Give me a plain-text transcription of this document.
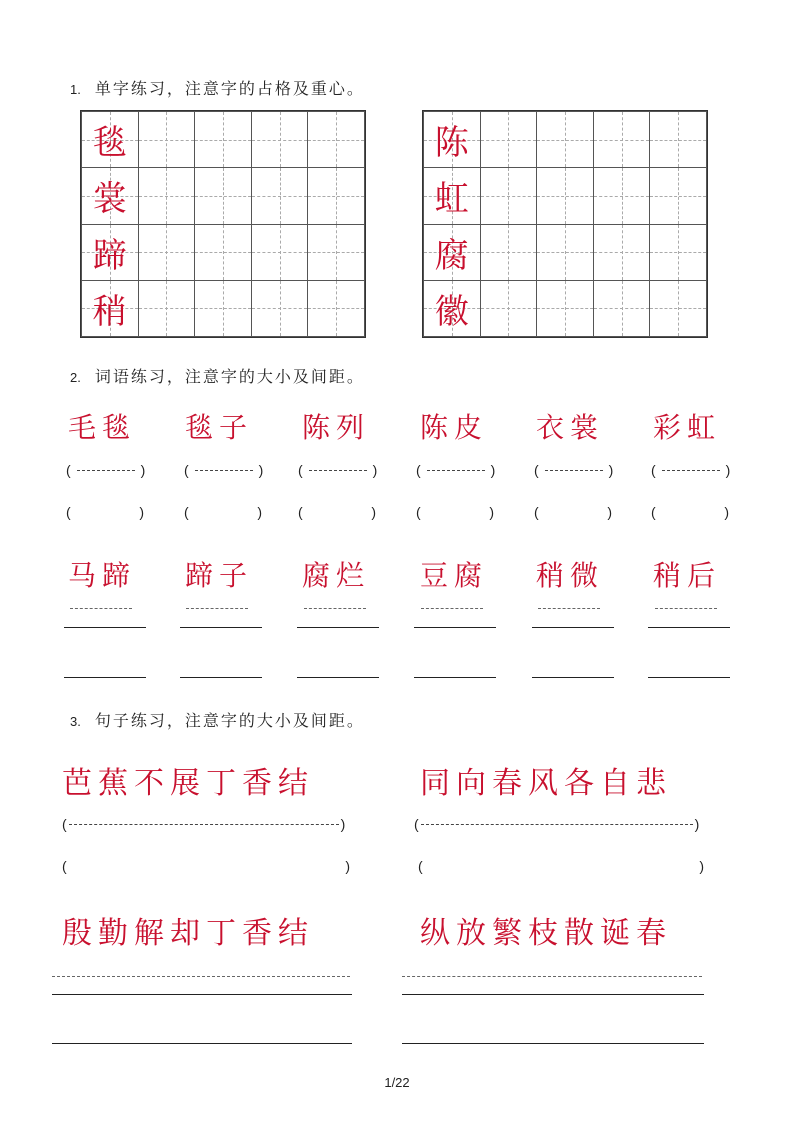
1. 单字练习，注意字的占格及重心。
毯				

裳				

蹄				

稍				

陈				

虹				

腐				

徽				

2. 词语练习，注意字的大小及间距。
毛毯 毯子 陈列 陈皮 衣裳 彩虹
(	)	(	) (	)	(	)	(	)	(	)
(	)	(	)	(	)	(	)	(	)	(	)
马蹄 蹄子 腐烂 豆腐 稍微 稍后
3. 句子练习，注意字的大小及间距。
芭蕉不展丁香结	同向春风各自悲
(	)	(	)
(	)	(	)
殷勤解却丁香结	纵放繁枝散诞春
1/22
